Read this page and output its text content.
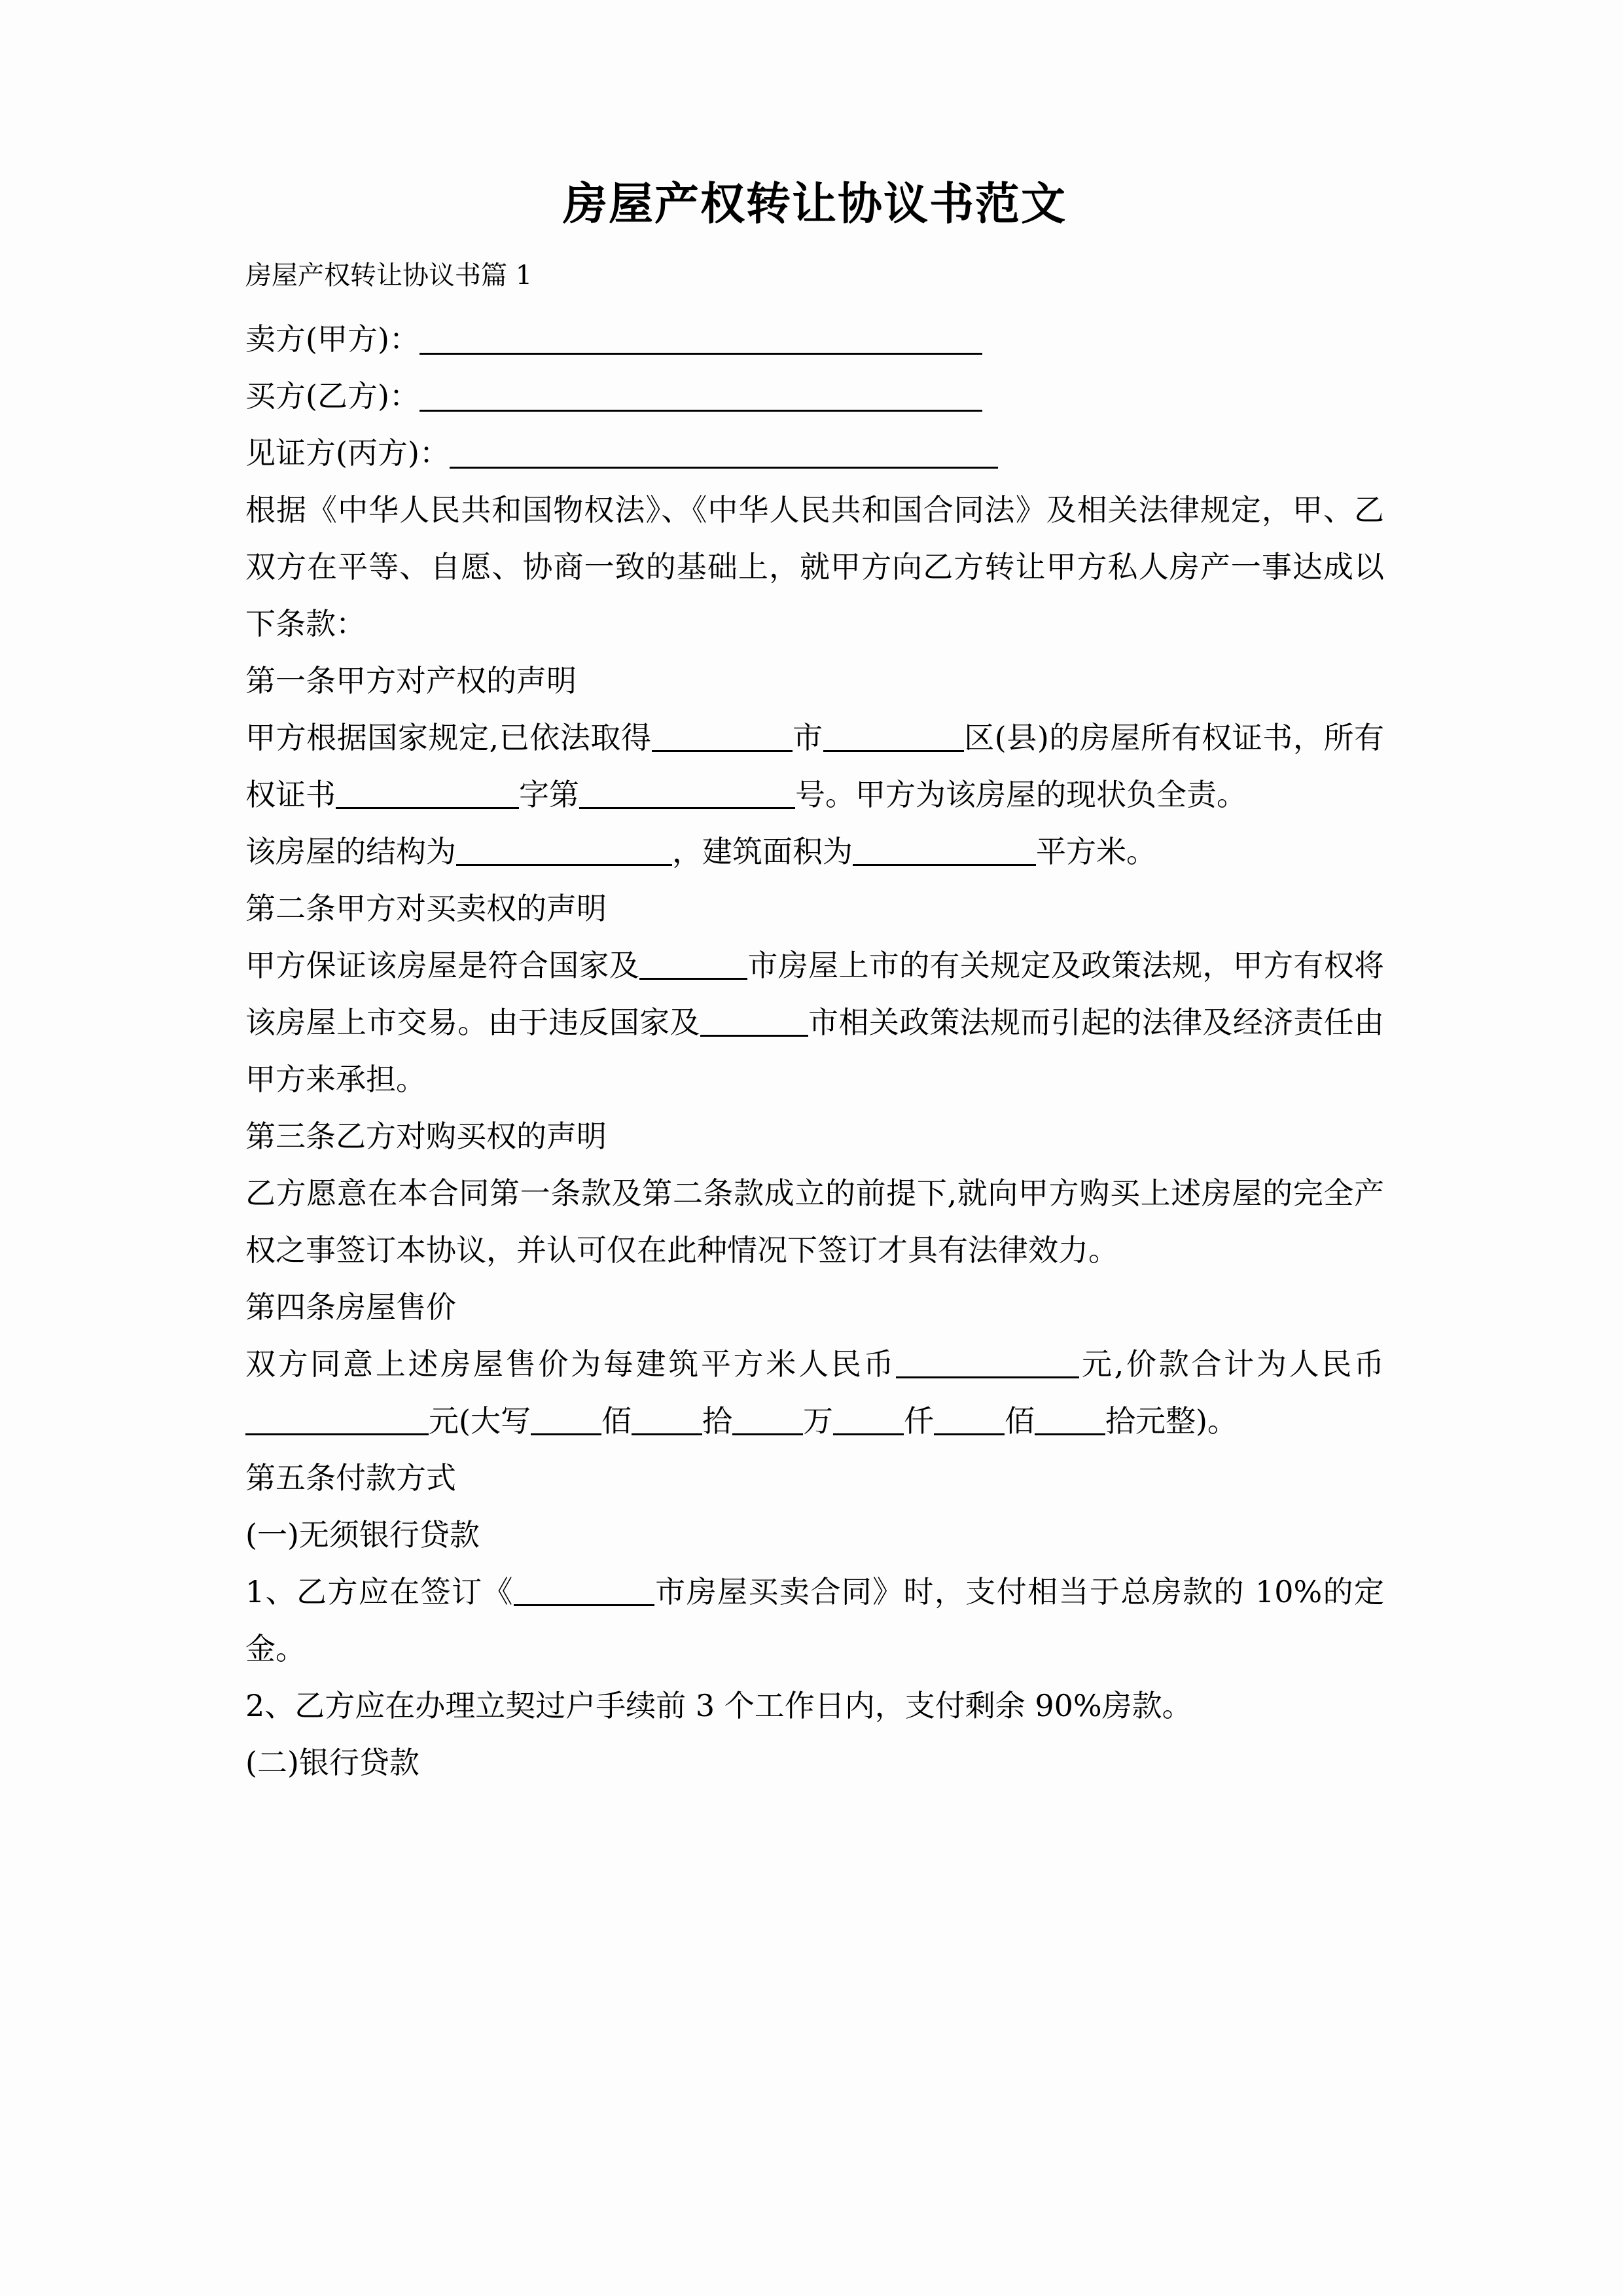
房屋产权转让协议书范文

房屋产权转让协议书篇 1

卖方(甲方)：

买方(乙方)：

见证方(丙方)：

根据《中华人民共和国物权法》、《中华人民共和国合同法》及相关法律规定，甲、乙双方在平等、自愿、协商一致的基础上，就甲方向乙方转让甲方私人房产一事达成以下条款：

第一条甲方对产权的声明

甲方根据国家规定,已依法取得	市	区(县)的房屋所有权证书，所有权证书	字第	号。甲方为该房屋的现状负全责。

该房屋的结构为	，建筑面积为	平方米。

第二条甲方对买卖权的声明

甲方保证该房屋是符合国家及	市房屋上市的有关规定及政策法规，甲方有权将该房屋上市交易。由于违反国家及	市相关政策法规而引起的法律及经济责任由甲方来承担。

第三条乙方对购买权的声明

乙方愿意在本合同第一条款及第二条款成立的前提下,就向甲方购买上述房屋的完全产权之事签订本协议，并认可仅在此种情况下签订才具有法律效力。

第四条房屋售价

双方同意上述房屋售价为每建筑平方米人民币	元,价款合计为人民币元(大写 佰 拾 万 仟 佰 拾元整)。

第五条付款方式

(一)无须银行贷款

1、乙方应在签订《	市房屋买卖合同》时，支付相当于总房款的 10%的定金。

2、乙方应在办理立契过户手续前 3 个工作日内，支付剩余 90%房款。

(二)银行贷款
